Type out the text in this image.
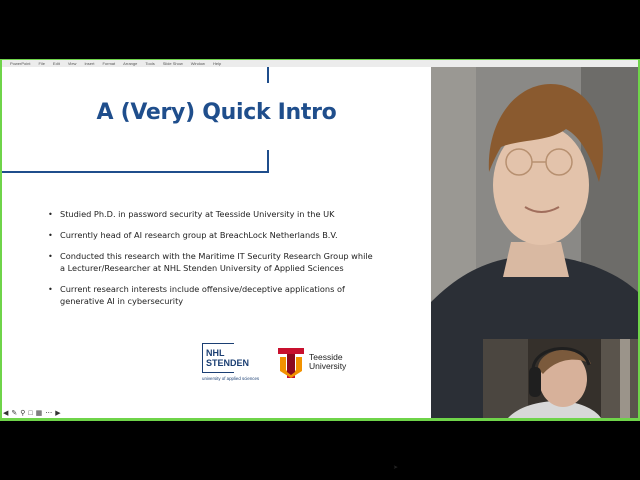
PowerPoint File Edit View Insert Format Arrange Tools Slide Show Window Help
A (Very) Quick Intro
• Studied Ph.D. in password security at Teesside University in the UK
• Currently head of AI research group at BreachLock Netherlands B.V.
• Conducted this research with the Maritime IT Security Research Group while a Lecturer/Researcher at NHL Stenden University of Applied Sciences
• Current research interests include offensive/deceptive applications of generative AI in cybersecurity
NHL
STENDEN
university of applied sciences
Teesside
University
➤
◀ ✎ ⚲ □ ▦ ⋯ ▶
